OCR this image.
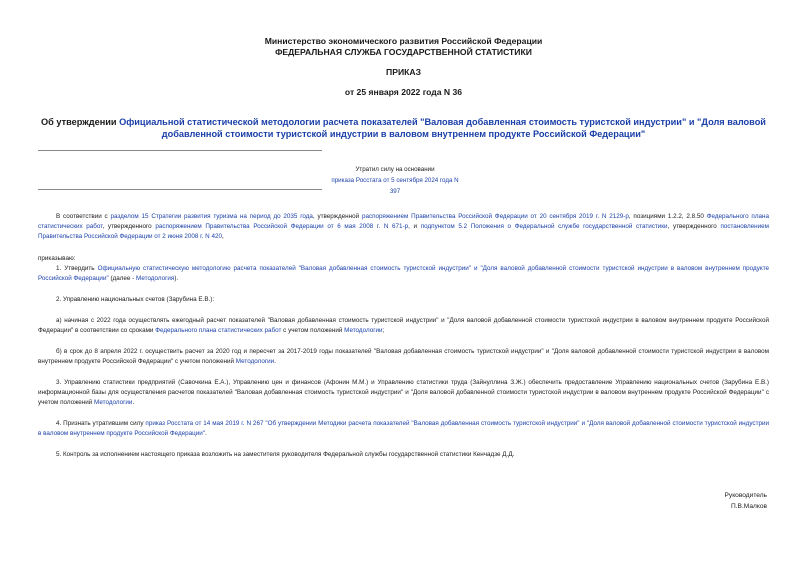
Министерство экономического развития Российской Федерации
ФЕДЕРАЛЬНАЯ СЛУЖБА ГОСУДАРСТВЕННОЙ СТАТИСТИКИ
ПРИКАЗ
от 25 января 2022 года N 36
Об утверждении Официальной статистической методологии расчета показателей "Валовая добавленная стоимость туристской индустрии" и "Доля валовой добавленной стоимости туристской индустрии в валовом внутреннем продукте Российской Федерации"
Утратил силу на основании
приказа Росстата от 5 сентября 2024 года N 397
В соответствии с разделом 15 Стратегии развития туризма на период до 2035 года, утвержденной распоряжением Правительства Российской Федерации от 20 сентября 2019 г. N 2129-р, позициями 1.2.2, 2.8.50 Федерального плана статистических работ, утвержденного распоряжением Правительства Российской Федерации от 6 мая 2008 г. N 671-р, и подпунктом 5.2 Положения о Федеральной службе государственной статистики, утвержденного постановлением Правительства Российской Федерации от 2 июня 2008 г. N 420,
приказываю:
1. Утвердить Официальную статистическую методологию расчета показателей "Валовая добавленная стоимость туристской индустрии" и "Доля валовой добавленной стоимости туристской индустрии в валовом внутреннем продукте Российской Федерации" (далее - Методология).
2. Управлению национальных счетов (Зарубина Е.В.):
а) начиная с 2022 года осуществлять ежегодный расчет показателей "Валовая добавленная стоимость туристской индустрии" и "Доля валовой добавленной стоимости туристской индустрии в валовом внутреннем продукте Российской Федерации" в соответствии со сроками Федерального плана статистических работ с учетом положений Методологии;
б) в срок до 8 апреля 2022 г. осуществить расчет за 2020 год и пересчет за 2017-2019 годы показателей "Валовая добавленная стоимость туристской индустрии" и "Доля валовой добавленной стоимости туристской индустрии в валовом внутреннем продукте Российской Федерации" с учетом положений Методологии.
3. Управлению статистики предприятий (Савочкина Е.А.), Управлению цен и финансов (Афонин М.М.) и Управлению статистики труда (Зайнуллина З.Ж.) обеспечить предоставление Управлению национальных счетов (Зарубина Е.В.) информационной базы для осуществления расчетов показателей "Валовая добавленная стоимость туристской индустрии" и "Доля валовой добавленной стоимости туристской индустрии в валовом внутреннем продукте Российской Федерации" с учетом положений Методологии.
4. Признать утратившим силу приказ Росстата от 14 мая 2019 г. N 267 "Об утверждении Методики расчета показателей "Валовая добавленная стоимость туристской индустрии" и "Доля валовой добавленной стоимости туристской индустрии в валовом внутреннем продукте Российской Федерации".
5. Контроль за исполнением настоящего приказа возложить на заместителя руководителя Федеральной службы государственной статистики Кенчадзе Д.Д.
Руководитель
П.В.Малков
